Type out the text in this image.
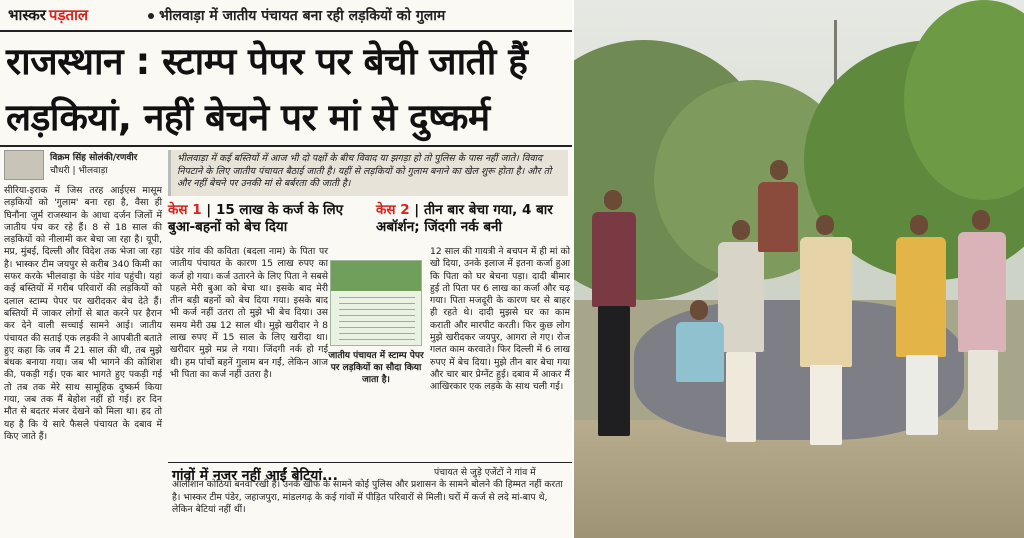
भास्कर पड़ताल	भीलवाड़ा में जातीय पंचायत बना रही लड़कियों को गुलाम
राजस्थान : स्टाम्प पेपर पर बेची जाती हैं
लड़कियां, नहीं बेचने पर मां से दुष्कर्म
विक्रम सिंह सोलंकी/रणवीर
चौधरी | भीलवाड़ा
सीरिया-इराक में जिस तरह आईएस मासूम लड़कियों को 'गुलाम' बना रहा है, वैसा ही घिनौना जुर्म राजस्थान के आधा दर्जन जिलों में जातीय पंच कर रहे हैं। 8 से 18 साल की लड़कियों को नीलामी कर बेचा जा रहा है। यूपी, मप्र, मुंबई, दिल्ली और विदेश तक भेजा जा रहा है। भास्कर टीम जयपुर से करीब 340 किमी का सफर करके भीलवाड़ा के पंडेर गांव पहुंची। यहां कई बस्तियों में गरीब परिवारों की लड़कियों को दलाल स्टाम्प पेपर पर खरीदकर बेच देते हैं। बस्तियों में जाकर लोगों से बात करने पर हैरान कर देने वाली सच्चाई सामने आई। जातीय पंचायत की सताई एक लड़की ने आपबीती बताते हुए कहा कि जब मैं 21 साल की थी, तब मुझे बंधक बनाया गया। जब भी भागने की कोशिश की, पकड़ी गई। एक बार भागते हुए पकड़ी गई तो तब तक मेरे साथ सामूहिक दुष्कर्म किया गया, जब तक मैं बेहोश नहीं हो गई। हर दिन मौत से बदतर मंजर देखने को मिला था। हद तो यह है कि ये सारे फैसले पंचायत के दबाव में किए जाते हैं।
भीलवाड़ा में कई बस्तियों में आज भी दो पक्षों के बीच विवाद या झगड़ा हो तो पुलिस के पास नहीं जाते। विवाद निपटाने के लिए जातीय पंचायत बैठाई जाती है। यहीं से लड़कियों को गुलाम बनाने का खेल शुरू होता है। और तो और नहीं बेचने पर उनकी मां से बर्बरता की जाती है।
केस 1 | 15 लाख के कर्ज के लिए बुआ-बहनों को बेच दिया
पंडेर गांव की कविता (बदला नाम) के पिता पर जातीय पंचायत के कारण 15 लाख रुपए का कर्ज हो गया। कर्ज उतारने के लिए पिता ने सबसे पहले मेरी बुआ को बेचा था। इसके बाद मेरी तीन बड़ी बहनों को बेच दिया गया। इसके बाद भी कर्ज नहीं उतरा तो मुझे भी बेच दिया। उस समय मेरी उम्र 12 साल थी। मुझे खरीदार ने 8 लाख रुपए में 15 साल के लिए खरीदा था। खरीदार मुझे मप्र ले गया। जिंदगी नर्क हो गई थी। हम पांचों बहनें गुलाम बन गईं, लेकिन आज भी पिता का कर्ज नहीं उतरा है।
जातीय पंचायत में स्टाम्प पेपर पर लड़कियों का सौदा किया जाता है।
केस 2 | तीन बार बेचा गया, 4 बार अबॉर्शन; जिंदगी नर्क बनी
12 साल की गायत्री ने बचपन में ही मां को खो दिया, उनके इलाज में इतना कर्जा हुआ कि पिता को घर बेचना पड़ा। दादी बीमार हुई तो पिता पर 6 लाख का कर्जा और चढ़ गया। पिता मजदूरी के कारण घर से बाहर ही रहते थे। दादी मुझसे घर का काम कराती और मारपीट करती। फिर कुछ लोग मुझे खरीदकर जयपुर, आगरा ले गए। रोज गलत काम करवाते। फिर दिल्ली में 6 लाख रुपए में बेच दिया। मुझे तीन बार बेचा गया और चार बार प्रेग्नेंट हुई। दबाव में आकर मैं आखिरकार एक लड़के के साथ चली गई।
गांवों में नजर नहीं आईं बेटियां...	पंचायत से जुड़े एजेंटों ने गांव में आलीशान कोठियां बनवा रखी हैं। उनके खौफ के सामने कोई पुलिस और प्रशासन के सामने बोलने की हिम्मत नहीं करता है। भास्कर टीम पंडेर, जहाजपुरा, मांडलगढ़ के कई गांवों में पीड़ित परिवारों से मिली। घरों में कर्ज से लदे मां-बाप थे, लेकिन बेटियां नहीं थीं।
